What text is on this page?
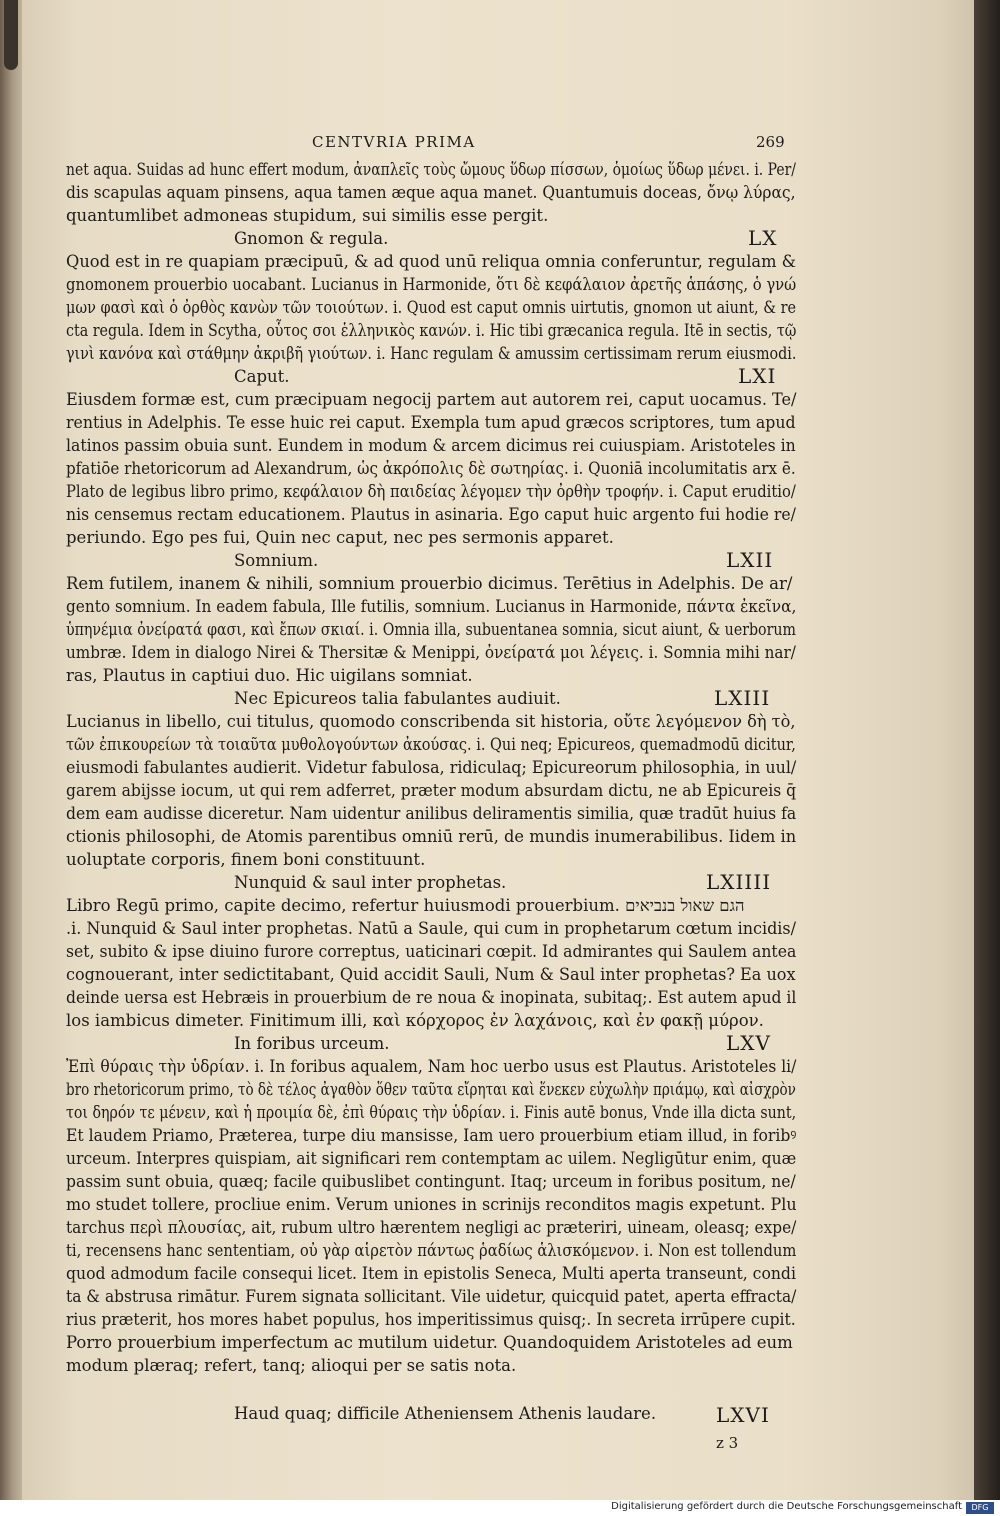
CENTVRIA PRIMA	269
net aqua. Suidas ad hunc effert modum, ἀναπλεῖς τοὺς ὤμους ὕδωρ πίσσων, ὁμοίως ὕδωρ μένει. i. Per/
dis scapulas aquam pinsens, aqua tamen æque aqua manet. Quantumuis doceas, ὄνῳ λύρας,
quantumlibet admoneas stupidum, sui similis esse pergit.
Gnomon & regula.	LX
Quod est in re quapiam præcipuū, & ad quod unū reliqua omnia conferuntur, regulam &
gnomonem prouerbio uocabant. Lucianus in Harmonide, ὅτι δὲ κεφάλαιον ἀρετῆς ἁπάσης, ὁ γνώ
μων φασὶ καὶ ὁ ὀρθὸς κανὼν τῶν τοιούτων. i. Quod est caput omnis uirtutis, gnomon ut aiunt, & re
cta regula. Idem in Scytha, οὗτος σοι ἑλληνικὸς κανών. i. Hic tibi græcanica regula. Itē in sectis, τῷ
γινὶ κανόνα καὶ στάθμην ἀκριβῆ γιούτων. i. Hanc regulam & amussim certissimam rerum eiusmodi.
Caput.	LXI
Eiusdem formæ est, cum præcipuam negocij partem aut autorem rei, caput uocamus. Te/
rentius in Adelphis. Te esse huic rei caput. Exempla tum apud græcos scriptores, tum apud
latinos passim obuia sunt. Eundem in modum & arcem dicimus rei cuiuspiam. Aristoteles in
pfatiōe rhetoricorum ad Alexandrum, ὡς ἀκρόπολις δὲ σωτηρίας. i. Quoniā incolumitatis arx ē.
Plato de legibus libro primo, κεφάλαιον δὴ παιδείας λέγομεν τὴν ὀρθὴν τροφήν. i. Caput eruditio/
nis censemus rectam educationem. Plautus in asinaria. Ego caput huic argento fui hodie re/
periundo. Ego pes fui, Quin nec caput, nec pes sermonis apparet.
Somnium.	LXII
Rem futilem, inanem & nihili, somnium prouerbio dicimus. Terētius in Adelphis. De ar/
gento somnium. In eadem fabula, Ille futilis, somnium. Lucianus in Harmonide, πάντα ἐκεῖνα,
ὑπηνέμια ὀνείρατά φασι, καὶ ἔπων σκιαί. i. Omnia illa, subuentanea somnia, sicut aiunt, & uerborum
umbræ. Idem in dialogo Nirei & Thersitæ & Menippi, ὀνείρατά μοι λέγεις. i. Somnia mihi nar/
ras, Plautus in captiui duo. Hic uigilans somniat.
Nec Epicureos talia fabulantes audiuit.	LXIII
Lucianus in libello, cui titulus, quomodo conscribenda sit historia, οὔτε λεγόμενον δὴ τὸ,
τῶν ἐπικουρείων τὰ τοιαῦτα μυθολογούντων ἀκούσας. i. Qui neq; Epicureos, quemadmodū dicitur,
eiusmodi fabulantes audierit. Videtur fabulosa, ridiculaq; Epicureorum philosophia, in uul/
garem abijsse iocum, ut qui rem adferret, præter modum absurdam dictu, ne ab Epicureis q̄
dem eam audisse diceretur. Nam uidentur anilibus deliramentis similia, quæ tradūt huius fa
ctionis philosophi, de Atomis parentibus omniū rerū, de mundis inumerabilibus. Iidem in
uoluptate corporis, finem boni constituunt.
Nunquid & saul inter prophetas.	LXIIII
Libro Regū primo, capite decimo, refertur huiusmodi prouerbium. הגם שאול בנביאים
.i. Nunquid & Saul inter prophetas. Natū a Saule, qui cum in prophetarum cœtum incidis/
set, subito & ipse diuino furore correptus, uaticinari cœpit. Id admirantes qui Saulem antea
cognouerant, inter sedictitabant, Quid accidit Sauli, Num & Saul inter prophetas? Ea uox
deinde uersa est Hebræis in prouerbium de re noua & inopinata, subitaq;. Est autem apud il
los iambicus dimeter. Finitimum illi, καὶ κόρχορος ἐν λαχάνοις, καὶ ἐν φακῇ μύρον.
In foribus urceum.	LXV
Ἐπὶ θύραις τὴν ὑδρίαν. i. In foribus aqualem, Nam hoc uerbo usus est Plautus. Aristoteles li/
bro rhetoricorum primo, τὸ δὲ τέλος ἀγαθὸν ὅθεν ταῦτα εἴρηται καὶ ἕνεκεν εὐχωλὴν πριάμῳ, καὶ αἰσχρὸν
τοι δηρόν τε μένειν, καὶ ἡ προιμία δὲ, ἐπὶ θύραις τὴν ὑδρίαν. i. Finis autē bonus, Vnde illa dicta sunt,
Et laudem Priamo, Præterea, turpe diu mansisse, Iam uero prouerbium etiam illud, in foribꝰ
urceum. Interpres quispiam, ait significari rem contemptam ac uilem. Negligūtur enim, quæ
passim sunt obuia, quæq; facile quibuslibet contingunt. Itaq; urceum in foribus positum, ne/
mo studet tollere, procliue enim. Verum uniones in scrinijs reconditos magis expetunt. Plu
tarchus περὶ πλουσίας, ait, rubum ultro hærentem negligi ac præteriri, uineam, oleasq; expe/
ti, recensens hanc sententiam, οὐ γὰρ αἱρετὸν πάντως ῥαδίως ἁλισκόμενον. i. Non est tollendum
quod admodum facile consequi licet. Item in epistolis Seneca, Multi aperta transeunt, condi
ta & abstrusa rimātur. Furem signata sollicitant. Vile uidetur, quicquid patet, aperta effracta/
rius præterit, hos mores habet populus, hos imperitissimus quisq;. In secreta irrūpere cupit.
Porro prouerbium imperfectum ac mutilum uidetur. Quandoquidem Aristoteles ad eum
modum plæraq; refert, tanq; alioqui per se satis nota.
Haud quaq; difficile Atheniensem Athenis laudare.	LXVI
z 3
Digitalisierung gefördert durch die Deutsche Forschungsgemeinschaft	DFG
